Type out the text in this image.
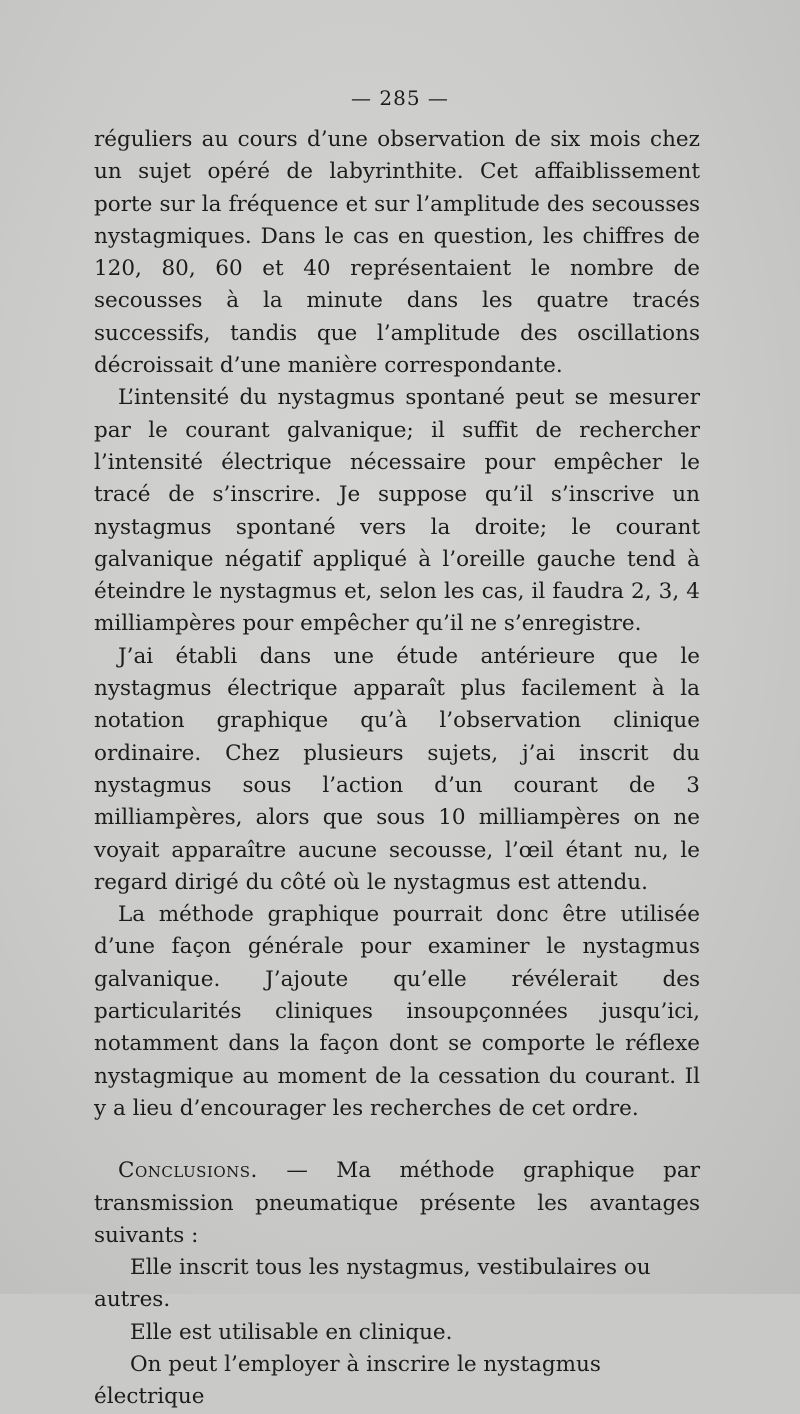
— 285 —

réguliers au cours d’une observation de six mois chez un sujet opéré de labyrinthite. Cet affaiblissement porte sur la fréquence et sur l’amplitude des secousses nystagmiques. Dans le cas en question, les chiffres de 120, 80, 60 et 40 représentaient le nombre de secousses à la minute dans les quatre tracés successifs, tandis que l’amplitude des oscillations décroissait d’une manière correspondante.

L’intensité du nystagmus spontané peut se mesurer par le courant galvanique; il suffit de rechercher l’intensité électrique nécessaire pour empêcher le tracé de s’inscrire. Je suppose qu’il s’inscrive un nystagmus spontané vers la droite; le courant galvanique négatif appliqué à l’oreille gauche tend à éteindre le nystagmus et, selon les cas, il faudra 2, 3, 4 milliampères pour empêcher qu’il ne s’enregistre.

J’ai établi dans une étude antérieure que le nystagmus électrique apparaît plus facilement à la notation graphique qu’à l’observation clinique ordinaire. Chez plusieurs sujets, j’ai inscrit du nystagmus sous l’action d’un courant de 3 milliampères, alors que sous 10 milliampères on ne voyait apparaître aucune secousse, l’œil étant nu, le regard dirigé du côté où le nystagmus est attendu.

La méthode graphique pourrait donc être utilisée d’une façon générale pour examiner le nystagmus galvanique. J’ajoute qu’elle révélerait des particularités cliniques insoupçonnées jusqu’ici, notamment dans la façon dont se comporte le réflexe nystagmique au moment de la cessation du courant. Il y a lieu d’encourager les recherches de cet ordre.

Conclusions. — Ma méthode graphique par transmission pneumatique présente les avantages suivants :

Elle inscrit tous les nystagmus, vestibulaires ou autres.

Elle est utilisable en clinique.

On peut l’employer à inscrire le nystagmus électrique
